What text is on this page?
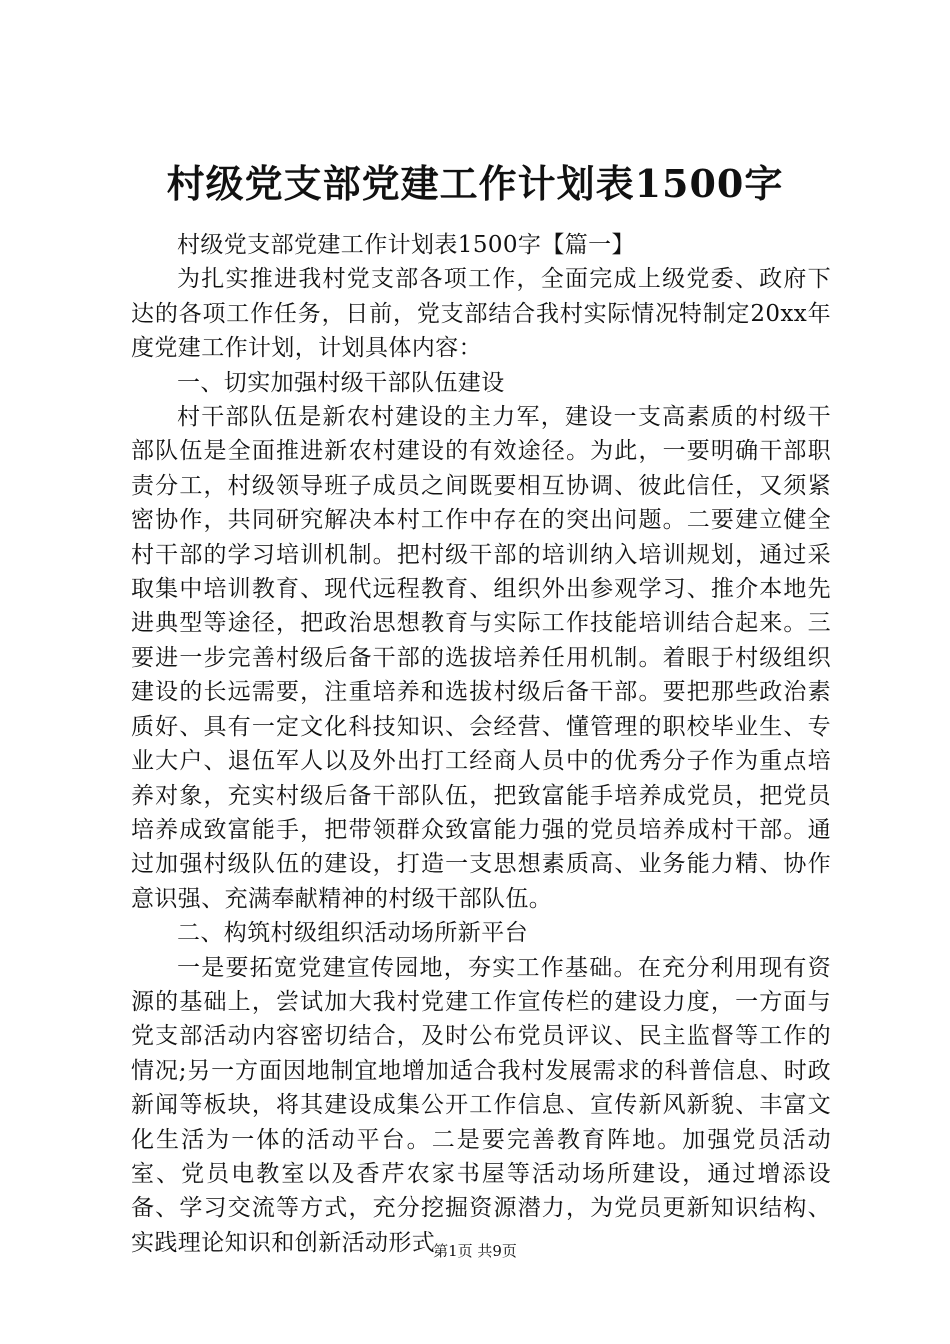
村级党支部党建工作计划表1500字

村级党支部党建工作计划表1500字【篇一】

为扎实推进我村党支部各项工作，全面完成上级党委、政府下达的各项工作任务，日前，党支部结合我村实际情况特制定20xx年度党建工作计划，计划具体内容：

一、切实加强村级干部队伍建设

村干部队伍是新农村建设的主力军，建设一支高素质的村级干部队伍是全面推进新农村建设的有效途径。为此，一要明确干部职责分工，村级领导班子成员之间既要相互协调、彼此信任，又须紧密协作，共同研究解决本村工作中存在的突出问题。二要建立健全村干部的学习培训机制。把村级干部的培训纳入培训规划，通过采取集中培训教育、现代远程教育、组织外出参观学习、推介本地先进典型等途径，把政治思想教育与实际工作技能培训结合起来。三要进一步完善村级后备干部的选拔培养任用机制。着眼于村级组织建设的长远需要，注重培养和选拔村级后备干部。要把那些政治素质好、具有一定文化科技知识、会经营、懂管理的职校毕业生、专业大户、退伍军人以及外出打工经商人员中的优秀分子作为重点培养对象，充实村级后备干部队伍，把致富能手培养成党员，把党员培养成致富能手，把带领群众致富能力强的党员培养成村干部。通过加强村级队伍的建设，打造一支思想素质高、业务能力精、协作意识强、充满奉献精神的村级干部队伍。

二、构筑村级组织活动场所新平台

一是要拓宽党建宣传园地，夯实工作基础。在充分利用现有资源的基础上，尝试加大我村党建工作宣传栏的建设力度，一方面与党支部活动内容密切结合，及时公布党员评议、民主监督等工作的情况;另一方面因地制宜地增加适合我村发展需求的科普信息、时政新闻等板块，将其建设成集公开工作信息、宣传新风新貌、丰富文化生活为一体的活动平台。二是要完善教育阵地。加强党员活动室、党员电教室以及香芹农家书屋等活动场所建设，通过增添设备、学习交流等方式，充分挖掘资源潜力，为党员更新知识结构、实践理论知识和创新活动形式

第1页 共9页
